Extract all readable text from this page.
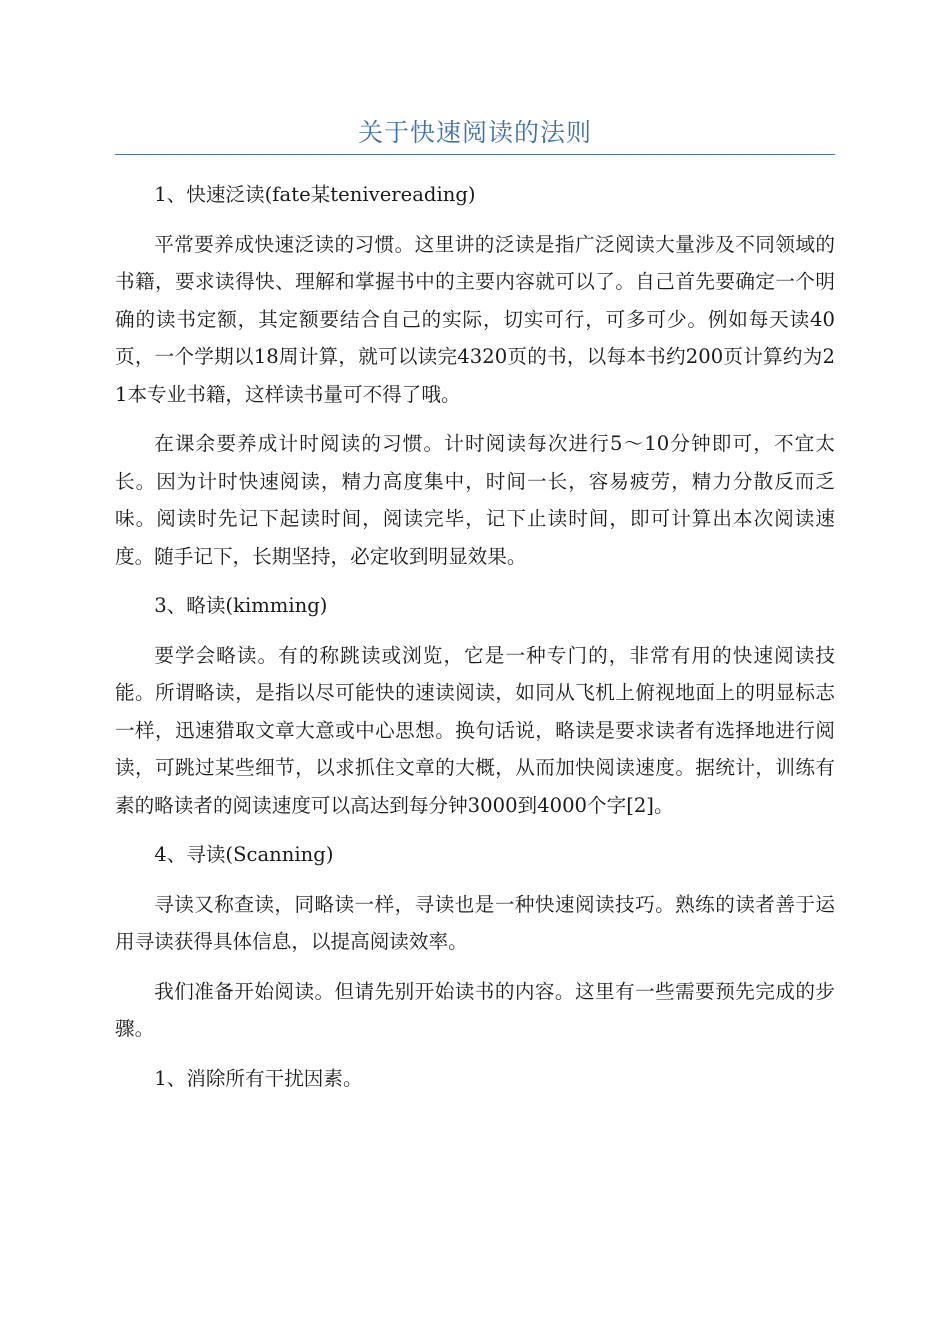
关于快速阅读的法则

1、快速泛读(fate某tenivereading)

平常要养成快速泛读的习惯。这里讲的泛读是指广泛阅读大量涉及不同领域的书籍，要求读得快、理解和掌握书中的主要内容就可以了。自己首先要确定一个明确的读书定额，其定额要结合自己的实际，切实可行，可多可少。例如每天读40页，一个学期以18周计算，就可以读完4320页的书，以每本书约200页计算约为21本专业书籍，这样读书量可不得了哦。

在课余要养成计时阅读的习惯。计时阅读每次进行5～10分钟即可，不宜太长。因为计时快速阅读，精力高度集中，时间一长，容易疲劳，精力分散反而乏味。阅读时先记下起读时间，阅读完毕，记下止读时间，即可计算出本次阅读速度。随手记下，长期坚持，必定收到明显效果。

3、略读(kimming)

要学会略读。有的称跳读或浏览，它是一种专门的，非常有用的快速阅读技能。所谓略读，是指以尽可能快的速读阅读，如同从飞机上俯视地面上的明显标志一样，迅速猎取文章大意或中心思想。换句话说，略读是要求读者有选择地进行阅读，可跳过某些细节，以求抓住文章的大概，从而加快阅读速度。据统计，训练有素的略读者的阅读速度可以高达到每分钟3000到4000个字[2]。

4、寻读(Scanning)

寻读又称查读，同略读一样，寻读也是一种快速阅读技巧。熟练的读者善于运用寻读获得具体信息，以提高阅读效率。

我们准备开始阅读。但请先别开始读书的内容。这里有一些需要预先完成的步骤。

1、消除所有干扰因素。
